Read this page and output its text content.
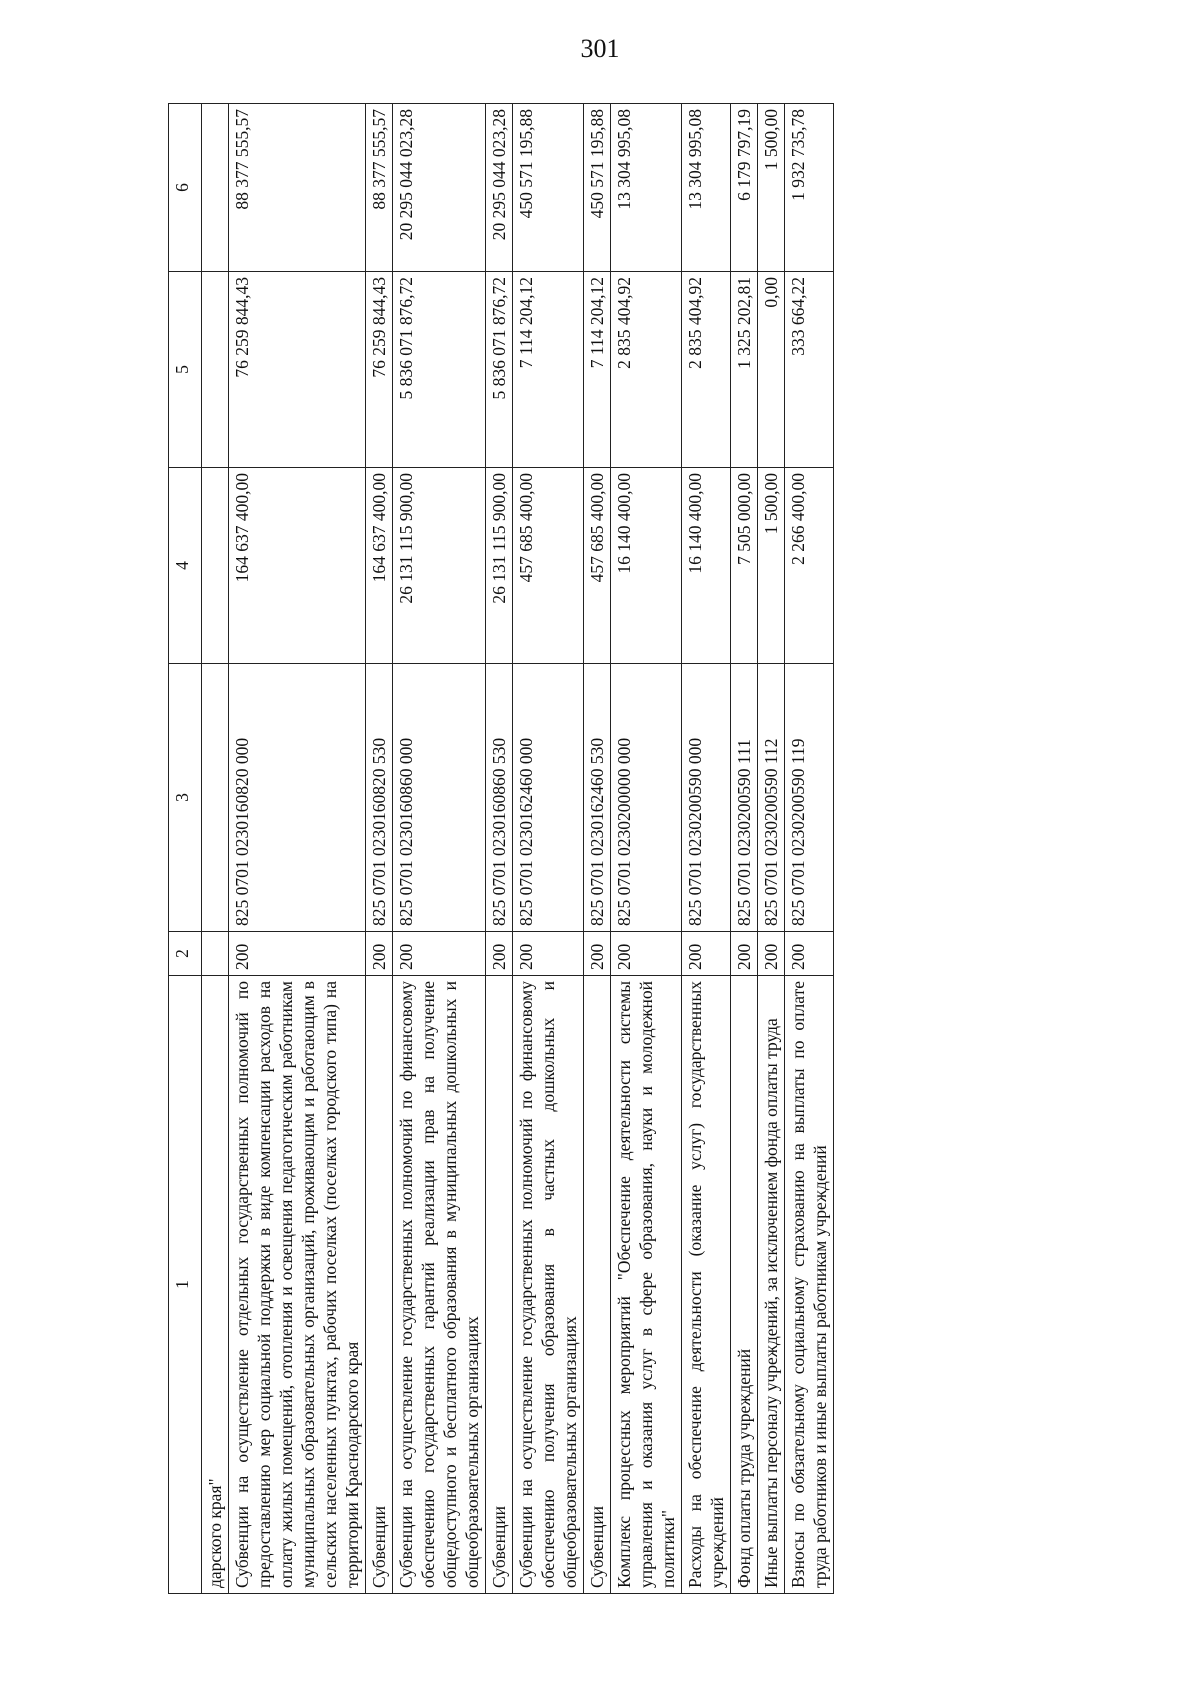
301
1	2	3	4	5	6
дарского края"					
Субвенции на осуществление отдельных государственных полномочий по предоставлению мер социальной поддержки в виде компенсации расходов на оплату жилых помещений, отопления и освещения педагогическим работникам муниципальных образовательных организаций, проживающим и работающим в сельских населенных пунктах, рабочих поселках (поселках городского типа) на территории Краснодарского края	200	825 0701 0230160820 000	164 637 400,00	76 259 844,43	88 377 555,57
Субвенции	200	825 0701 0230160820 530	164 637 400,00	76 259 844,43	88 377 555,57
Субвенции на осуществление государственных полномочий по финансовому обеспечению государственных гарантий реализации прав на получение общедоступного и бесплатного образования в муниципальных дошкольных и общеобразовательных организациях	200	825 0701 0230160860 000	26 131 115 900,00	5 836 071 876,72	20 295 044 023,28
Субвенции	200	825 0701 0230160860 530	26 131 115 900,00	5 836 071 876,72	20 295 044 023,28
Субвенции на осуществление государственных полномочий по финансовому обеспечению получения образования в частных дошкольных и общеобразовательных организациях	200	825 0701 0230162460 000	457 685 400,00	7 114 204,12	450 571 195,88
Субвенции	200	825 0701 0230162460 530	457 685 400,00	7 114 204,12	450 571 195,88
Комплекс процессных мероприятий "Обеспечение деятельности системы управления и оказания услуг в сфере образования, науки и молодежной политики"	200	825 0701 0230200000 000	16 140 400,00	2 835 404,92	13 304 995,08
Расходы на обеспечение деятельности (оказание услуг) государственных учреждений	200	825 0701 0230200590 000	16 140 400,00	2 835 404,92	13 304 995,08
Фонд оплаты труда учреждений	200	825 0701 0230200590 111	7 505 000,00	1 325 202,81	6 179 797,19
Иные выплаты персоналу учреждений, за исключением фонда оплаты труда	200	825 0701 0230200590 112	1 500,00	0,00	1 500,00
Взносы по обязательному социальному страхованию на выплаты по оплате труда работников и иные выплаты работникам учреждений	200	825 0701 0230200590 119	2 266 400,00	333 664,22	1 932 735,78
